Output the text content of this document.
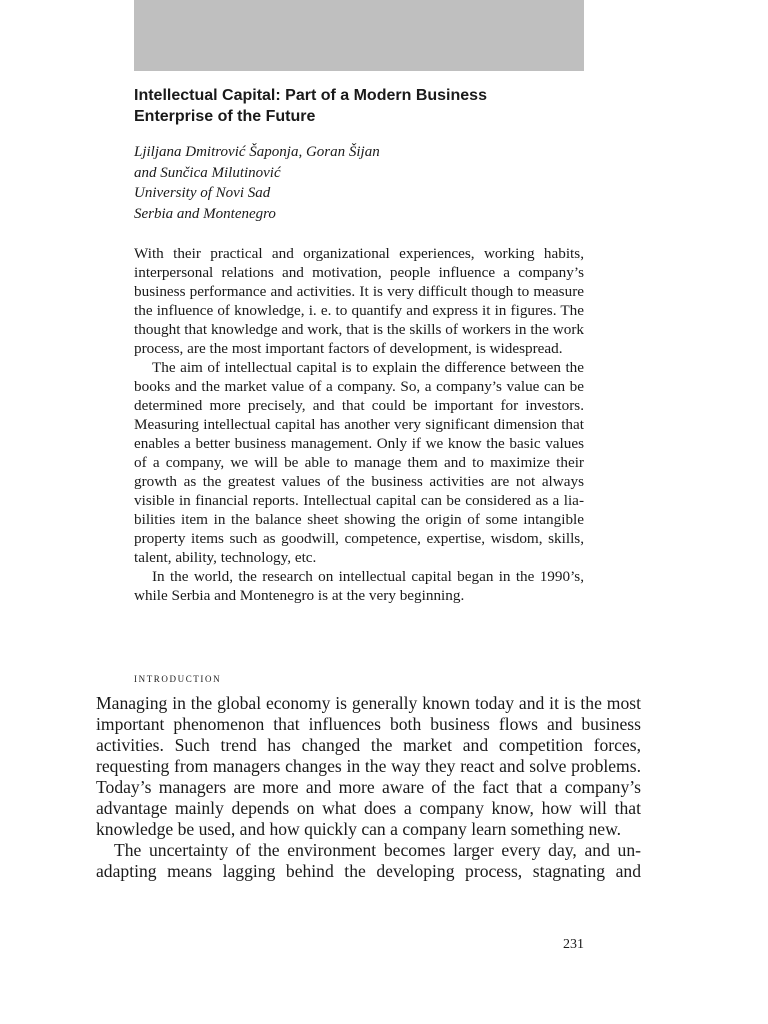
Intellectual Capital: Part of a Modern Business
Enterprise of the Future
Ljiljana Dmitrović Šaponja, Goran Šijan
and Sunčica Milutinović
University of Novi Sad
Serbia and Montenegro

With their practical and organizational experiences, working habits, interpersonal relations and motivation, people influence a company’s business performance and activities. It is very difficult though to measure the influence of knowledge, i. e. to quantify and express it in figures. The thought that knowledge and work, that is the skills of workers in the work process, are the most important factors of development, is widespread.

The aim of intellectual capital is to explain the difference between the books and the market value of a company. So, a company’s value can be determined more precisely, and that could be important for investors. Measuring intellectual capital has another very significant dimension that enables a better business management. Only if we know the basic values of a company, we will be able to manage them and to maximize their growth as the greatest values of the business activities are not always visible in financial reports. Intellectual capital can be considered as a liabilities item in the balance sheet showing the origin of some intangible property items such as goodwill, competence, expertise, wisdom, skills, talent, ability, technology, etc.

In the world, the research on intellectual capital began in the 1990’s, while Serbia and Montenegro is at the very beginning.

introduction

Managing in the global economy is generally known today and it is the most important phenomenon that influences both business flows and business activities. Such trend has changed the market and competition forces, requesting from managers changes in the way they react and solve problems. Today’s managers are more and more aware of the fact that a company’s advantage mainly depends on what does a company know, how will that knowledge be used, and how quickly can a company learn something new.

The uncertainty of the environment becomes larger every day, and unadapting means lagging behind the developing process, stagnating and

231
